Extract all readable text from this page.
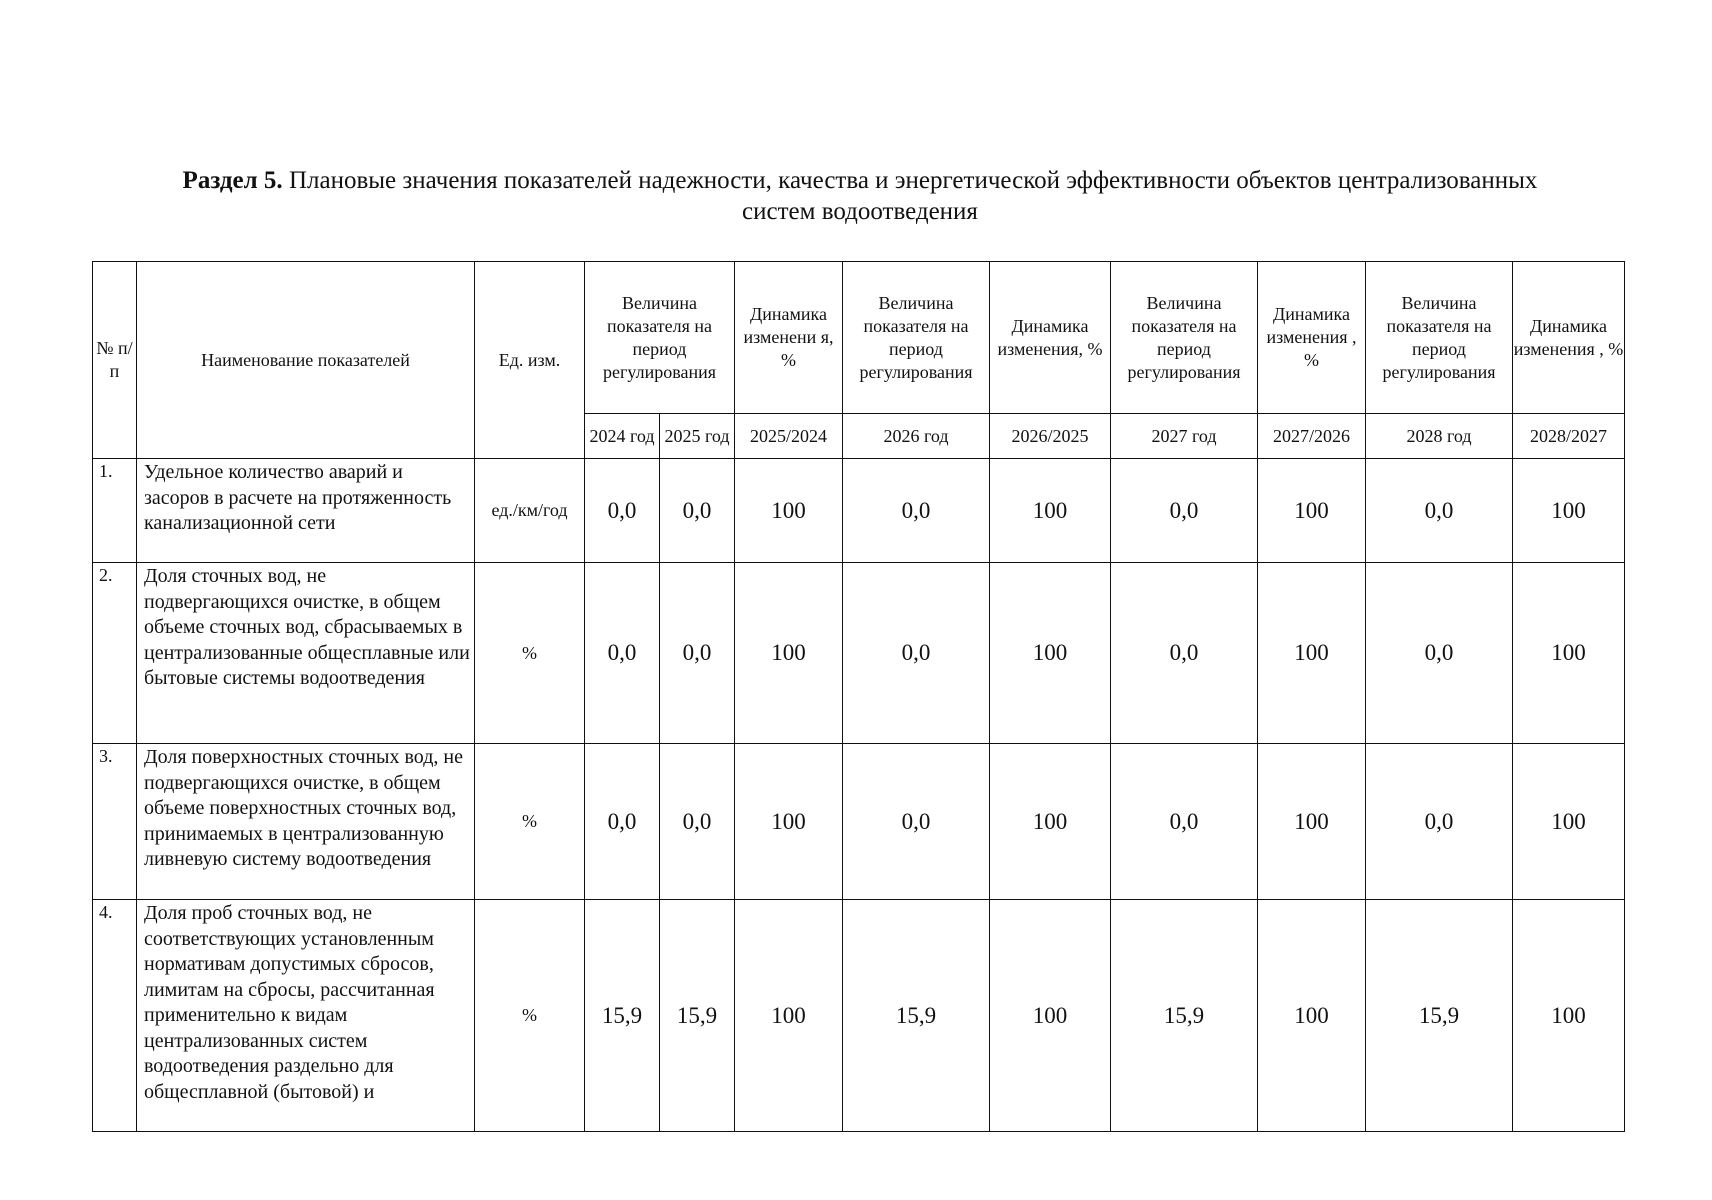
Раздел 5. Плановые значения показателей надежности, качества и энергетической эффективности объектов централизованных систем водоотведения
№ п/п	Наименование показателей	Ед. изм.	Величина показателя на период регулирования		Динамика изменени я, %	Величина показателя на период регулирования	Динамика изменения, %	Величина показателя на период регулирования	Динамика изменения , %	Величина показателя на период регулирования	Динамика изменения , %
			2024 год	2025 год	2025/2024	2026 год	2026/2025	2027 год	2027/2026	2028 год	2028/2027
1.	Удельное количество аварий и засоров в расчете на протяженность канализационной сети	ед./км/год	0,0	0,0	100	0,0	100	0,0	100	0,0	100
2.	Доля сточных вод, не подвергающихся очистке, в общем объеме сточных вод, сбрасываемых в централизованные общесплавные или бытовые системы водоотведения	%	0,0	0,0	100	0,0	100	0,0	100	0,0	100
3.	Доля поверхностных сточных вод, не подвергающихся очистке, в общем объеме поверхностных сточных вод, принимаемых в централизованную ливневую систему водоотведения	%	0,0	0,0	100	0,0	100	0,0	100	0,0	100
4.	Доля проб сточных вод, не соответствующих установленным нормативам допустимых сбросов, лимитам на сбросы, рассчитанная применительно к видам централизованных систем водоотведения раздельно для общесплавной (бытовой) и	%	15,9	15,9	100	15,9	100	15,9	100	15,9	100
